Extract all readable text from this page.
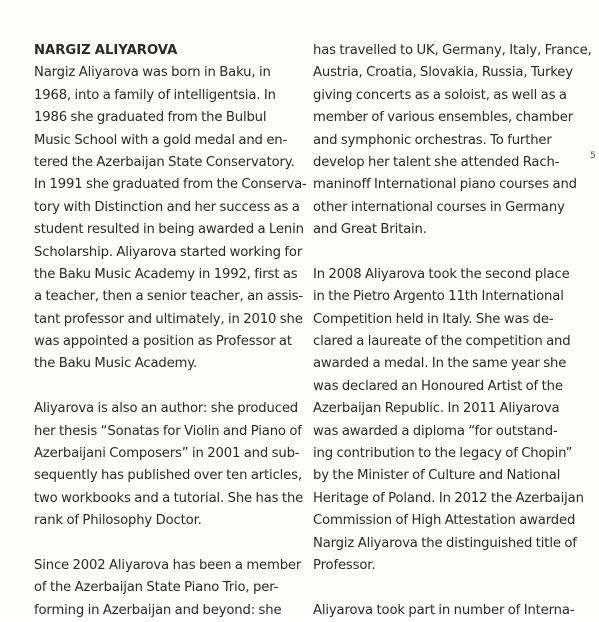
NARGIZ ALIYAROVA
Nargiz Aliyarova was born in Baku, in
1968, into a family of intelligentsia. In
1986 she graduated from the Bulbul
Music School with a gold medal and en-
tered the Azerbaijan State Conservatory.
In 1991 she graduated from the Conserva-
tory with Distinction and her success as a
student resulted in being awarded a Lenin
Scholarship. Aliyarova started working for
the Baku Music Academy in 1992, first as
a teacher, then a senior teacher, an assis-
tant professor and ultimately, in 2010 she
was appointed a position as Professor at
the Baku Music Academy.
Aliyarova is also an author: she produced
her thesis “Sonatas for Violin and Piano of
Azerbaijani Composers” in 2001 and sub-
sequently has published over ten articles,
two workbooks and a tutorial. She has the
rank of Philosophy Doctor.
Since 2002 Aliyarova has been a member
of the Azerbaijan State Piano Trio, per-
forming in Azerbaijan and beyond: she
has travelled to UK, Germany, Italy, France,
Austria, Croatia, Slovakia, Russia, Turkey
giving concerts as a soloist, as well as a
member of various ensembles, chamber
and symphonic orchestras. To further
develop her talent she attended Rach-
maninoff International piano courses and
other international courses in Germany
and Great Britain.
In 2008 Aliyarova took the second place
in the Pietro Argento 11th International
Competition held in Italy. She was de-
clared a laureate of the competition and
awarded a medal. In the same year she
was declared an Honoured Artist of the
Azerbaijan Republic. In 2011 Aliyarova
was awarded a diploma “for outstand-
ing contribution to the legacy of Chopin”
by the Minister of Culture and National
Heritage of Poland. In 2012 the Azerbaijan
Commission of High Attestation awarded
Nargiz Aliyarova the distinguished title of
Professor.
Aliyarova took part in number of Interna-
5
